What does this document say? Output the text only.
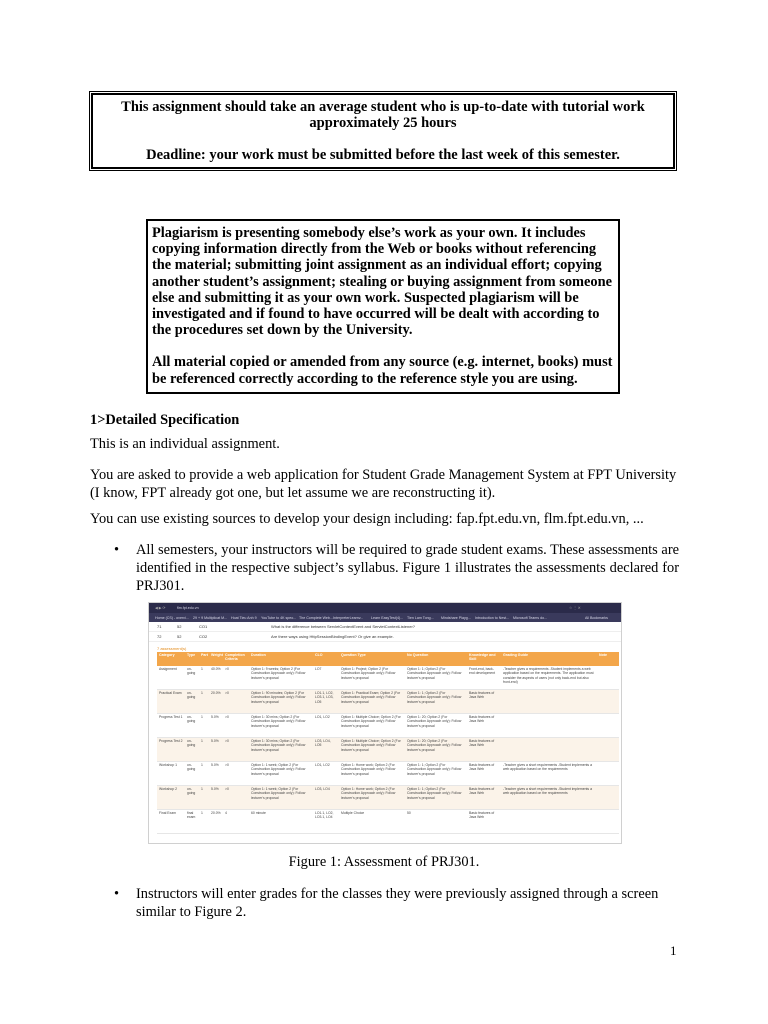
This assignment should take an average student who is up-to-date with tutorial work

approximately 25 hours

Deadline: your work must be submitted before the last week of this semester.

Plagiarism is presenting somebody else’s work as your own. It includes copying information directly from the Web or books without referencing the material; submitting joint assignment as an individual effort; copying another student’s assignment; stealing or buying assignment from someone else and submitting it as your own work. Suspected plagiarism will be investigated and if found to have occurred will be dealt with according to the procedures set down by the University.

All material copied or amended from any source (e.g. internet, books) must be referenced correctly according to the reference style you are using.

1>Detailed Specification
This is an individual assignment.
You are asked to provide a web application for Student Grade Management System at FPT University (I know, FPT already got one, but let assume we are reconstructing it).
You can use existing sources to develop your design including: fap.fpt.edu.vn, flm.fpt.edu.vn, ...
• All semesters, your instructors will be required to grade student exams. These assessments are identified in the respective subject’s syllabus. Figure 1 illustrates the assessments declared for PRJ301.
◀ ▶ ⟳	flm.fpt.edu.vn	☆ ⋮ ✕
Home (CS) - overvi... 29 + 9 Multiplicat M... Hoat Tieu Anh 9 YouTube to 4K speo... The Complete Web... InterpreterLearnv... Learn EasyTest(4)... Tien Lam Tong... Mindshare Playg... Introduction to Nest... Microsoft Teams do...	All Bookmarks
71	52	CO1	What is the difference between ServletContextEvent and ServletContextListener?
72	52	CO2	Are there ways using HttpSessionBindingEvent? Or give an example.
7 assessment(s)
Category	Type	Part	Weight	Completion Criteria	Duration	CLO	Question Type	No Question	Knowledge and Skill	Grading Guide	Note
Assignment	on-going	1	40.0%	>0	Option 1: 9 weeks; Option 2 (For Construction Approach only): Follow lecturer's proposal	LO7	Option 1: Project; Option 2 (For Construction Approach only): Follow lecturer's proposal	Option 1: 1; Option 2 (For Construction Approach only): Follow lecturer's proposal	Front-end, back-end development	-Teacher gives a requirements -Student implements a web application based on the requirements. The application must consider the aspects of users (not only back-end but also front-end)	
Practical Exam	on-going	1	20.0%	>0	Option 1: 90 minutes; Option 2 (For Construction Approach only): Follow lecturer's proposal	LO1.1, LO2, LO3.1, LO3, LO5	Option 1: Practical Exam; Option 2 (For Construction Approach only): Follow lecturer's proposal	Option 1: 1; Option 2 (For Construction Approach only): Follow lecturer's proposal	Basic features of Java Web		
Progress Test 1	on-going	1	5.0%	>0	Option 1: 30 mins; Option 2 (For Construction Approach only): Follow lecturer's proposal	LO1, LO2	Option 1: Multiple Choice; Option 2 (For Construction Approach only): Follow lecturer's proposal	Option 1: 20; Option 2 (For Construction Approach only): Follow lecturer's proposal	Basic features of Java Web		
Progress Test 2	on-going	1	5.0%	>0	Option 1: 30 mins; Option 2 (For Construction Approach only): Follow lecturer's proposal	LO3, LO4, LO5	Option 1: Multiple Choice; Option 2 (For Construction Approach only): Follow lecturer's proposal	Option 1: 20; Option 2 (For Construction Approach only): Follow lecturer's proposal	Basic features of Java Web		
Workshop 1	on-going	1	5.0%	>0	Option 1: 1 week; Option 2 (For Construction Approach only): Follow lecturer's proposal	LO1, LO2	Option 1: Home work; Option 2 (For Construction Approach only): Follow lecturer's proposal	Option 1: 1; Option 2 (For Construction Approach only): Follow lecturer's proposal	Basic features of Java Web	-Teacher gives a short requirements -Student implements a web application based on the requirements	
Workshop 2	on-going	1	5.0%	>0	Option 1: 1 week; Option 2 (For Construction Approach only): Follow lecturer's proposal	LO3, LO4	Option 1: Home work; Option 2 (For Construction Approach only): Follow lecturer's proposal	Option 1: 1; Option 2 (For Construction Approach only): Follow lecturer's proposal	Basic features of Java Web	-Teacher gives a short requirements -Student implements a web application based on the requirements	
Final Exam	final exam	1	20.0%	4	60 minute	LO1.1, LO2, LO3.1, LO4	Multiple Choice	50	Basic features of Java Web		
Figure 1: Assessment of PRJ301.
• Instructors will enter grades for the classes they were previously assigned through a screen similar to Figure 2.
1
